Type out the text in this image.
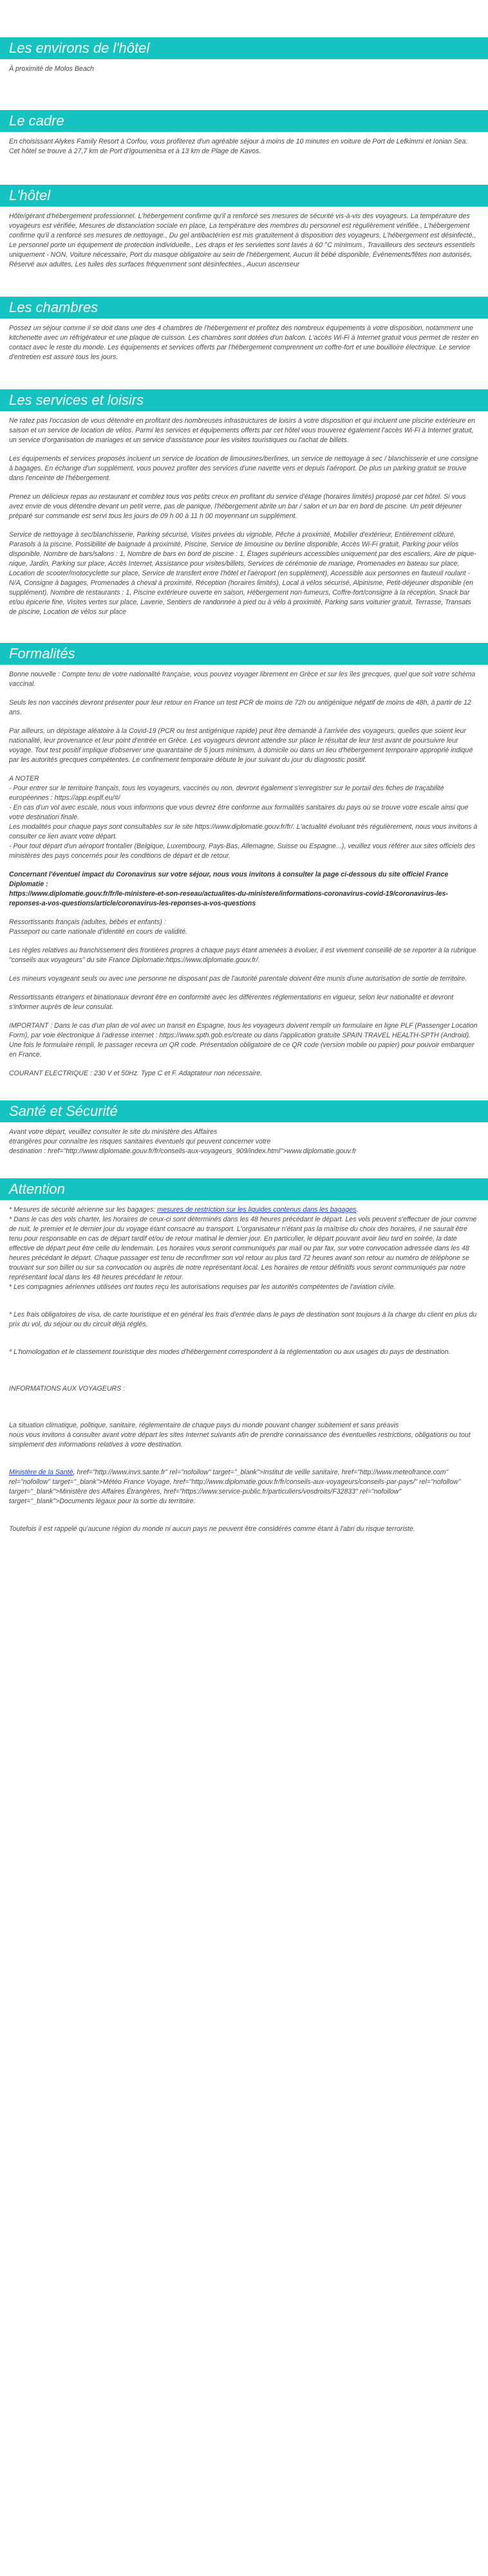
Les environs de l'hôtel

À proximité de Molos Beach

Le cadre

En choisissant Alykes Family Resort à Corfou, vous profiterez d'un agréable séjour à moins de 10 minutes en voiture de Port de Lefkimmi et Ionian Sea. Cet hôtel se trouve à 27,7 km de Port d'Igoumenitsa et à 13 km de Plage de Kavos.

L'hôtel

Hôte/gérant d'hébergement professionnel. L'hébergement confirme qu'il a renforcé ses mesures de sécurité vis-à-vis des voyageurs. La température des voyageurs est vérifiée, Mesures de distanciation sociale en place, La température des membres du personnel est régulièrement vérifiée., L'hébergement confirme qu'il a renforcé ses mesures de nettoyage., Du gel antibactérien est mis gratuitement à disposition des voyageurs, L'hébergement est désinfecté., Le personnel porte un équipement de protection individuelle., Les draps et les serviettes sont lavés à 60 °C minimum., Travailleurs des secteurs essentiels uniquement - NON, Voiture nécessaire, Port du masque obligatoire au sein de l'hébergement, Aucun lit bébé disponible, Événements/fêtes non autorisés, Réservé aux adultes, Les tuiles des surfaces fréquemment sont désinfectées., Aucun ascenseur

Les chambres

Possez un séjour comme il se doit dans une des 4 chambres de l'hébergement et profitez des nombreux équipements à votre disposition, notamment une kitchenette avec un réfrigérateur et une plaque de cuisson. Les chambres sont dotées d'un balcon. L'accès Wi-Fi à Internet gratuit vous permet de rester en contact avec le reste du monde. Les équipements et services offerts par l'hébergement comprennent un coffre-fort et une bouilloire électrique. Le service d'entretien est assuré tous les jours.

Les services et loisirs

Ne ratez pas l'occasion de vous détendre en profitant des nombreuses infrastructures de loisirs à votre disposition et qui incluent une piscine extérieure en saison et un service de location de vélos. Parmi les services et équipements offerts par cet hôtel vous trouverez également l'accès Wi-Fi à Internet gratuit, un service d'organisation de mariages et un service d'assistance pour les visites touristiques ou l'achat de billets.

Les équipements et services proposés incluent un service de location de limousines/berlines, un service de nettoyage à sec / blanchisserie et une consigne à bagages. En échange d'un supplément, vous pouvez profiter des services d'une navette vers et depuis l'aéroport. De plus un parking gratuit se trouve dans l'enceinte de l'hébergement.

Prenez un délicieux repas au restaurant et comblez tous vos petits creux en profitant du service d'étage (horaires limités) proposé par cet hôtel. Si vous avez envie de vous détendre devant un petit verre, pas de panique, l'hébergement abrite un bar / salon et un bar en bord de piscine. Un petit déjeuner préparé sur commande est servi tous les jours de 09 h 00 à 11 h 00 moyennant un supplément.

Service de nettoyage à sec/blanchisserie, Parking sécurisé, Visites privées du vignoble, Pêche à proximité, Mobilier d'extérieur, Entièrement clôturé, Parasols à la piscine, Possibilité de baignade à proximité, Piscine, Service de limousine ou berline disponible, Accès Wi-Fi gratuit, Parking pour vélos disponible, Nombre de bars/salons : 1, Nombre de bars en bord de piscine : 1, Étages supérieurs accessibles uniquement par des escaliers, Aire de pique-nique, Jardin, Parking sur place, Accès Internet, Assistance pour visites/billets, Services de cérémonie de mariage, Promenades en bateau sur place, Location de scooter/motocyclette sur place, Service de transfert entre l'hôtel et l'aéroport (en supplément), Accessible aux personnes en fauteuil roulant - N/A, Consigne à bagages, Promenades à cheval à proximité, Réception (horaires limités), Local à vélos sécurisé, Alpinisme, Petit-déjeuner disponible (en supplément), Nombre de restaurants : 1, Piscine extérieure ouverte en saison, Hébergement non-fumeurs, Coffre-fort/consigne à la réception, Snack bar et/ou épicerie fine, Visites vertes sur place, Laverie, Sentiers de randonnée à pied ou à vélo à proximité, Parking sans voiturier gratuit, Terrasse, Transats de piscine, Location de vélos sur place

Formalités

Bonne nouvelle : Compte tenu de votre nationalité française, vous pouvez voyager librement en Grèce et sur les îles grecques, quel que soit votre schéma vaccinal.

Seuls les non vaccinés devront présenter pour leur retour en France un test PCR de moins de 72h ou antigénique négatif de moins de 48h, à partir de 12 ans.

Par ailleurs, un dépistage aléatoire à la Covid-19 (PCR ou test antigénique rapide) peut être demandé à l'arrivée des voyageurs, quelles que soient leur nationalité, leur provenance et leur point d'entrée en Grèce. Les voyageurs devront attendre sur place le résultat de leur test avant de poursuivre leur voyage. Tout test positif implique d'observer une quarantaine de 5 jours minimum, à domicile ou dans un lieu d'hébergement temporaire approprié indiqué par les autorités grecques compétentes. Le confinement temporaire débute le jour suivant du jour du diagnostic positif.

A NOTER
- Pour entrer sur le territoire français, tous les voyageurs, vaccinés ou non, devront également s'enregistrer sur le portail des fiches de traçabilité européennes : https://app.euplf.eu/#/
- En cas d'un vol avec escale, nous vous informons que vous devrez être conforme aux formalités sanitaires du pays où se trouve votre escale ainsi que votre destination finale.
Les modalités pour chaque pays sont consultables sur le site https://www.diplomatie.gouv.fr/fr/. L'actualité évoluant très régulièrement, nous vous invitons à consulter ce lien avant votre départ.
- Pour tout départ d'un aéroport frontalier (Belgique, Luxembourg, Pays-Bas, Allemagne, Suisse ou Espagne...), veuillez vous référer aux sites officiels des ministères des pays concernés pour les conditions de départ et de retour.

Concernant l'éventuel impact du Coronavirus sur votre séjour, nous vous invitons à consulter la page ci-dessous du site officiel France Diplomatie :
https://www.diplomatie.gouv.fr/fr/le-ministere-et-son-reseau/actualites-du-ministere/informations-coronavirus-covid-19/coronavirus-les-reponses-a-vos-questions/article/coronavirus-les-reponses-a-vos-questions

Ressortissants français (adultes, bébés et enfants) :
Passeport ou carte nationale d'identité en cours de validité.

Les règles relatives au franchissement des frontières propres à chaque pays étant amenées à évoluer, il est vivement conseillé de se reporter à la rubrique "conseils aux voyageurs" du site France Diplomatie:https://www.diplomatie.gouv.fr/.

Les mineurs voyageant seuls ou avec une personne ne disposant pas de l'autorité parentale doivent être munis d'une autorisation de sortie de territoire.

Ressortissants étrangers et binationaux devront être en conformité avec les différentes réglementations en vigueur, selon leur nationalité et devront s'informer auprès de leur consulat.

IMPORTANT : Dans le cas d'un plan de vol avec un transit en Espagne, tous les voyageurs doivent remplir un formulaire en ligne PLF (Passenger Location Form), par voie électronique à l'adresse internet : https://www.spth.gob.es/create ou dans l'application gratuite SPAIN TRAVEL HEALTH-SPTH (Android). Une fois le formulaire rempli, le passager recevra un QR code. Présentation obligatoire de ce QR code (version mobile ou papier) pour pouvoir embarquer en France.

COURANT ELECTRIQUE : 230 V et 50Hz. Type C et F. Adaptateur non nécessaire.

Santé et Sécurité

Avant votre départ, veuillez consulter le site du ministère des Affaires
étrangères pour connaître les risques sanitaires éventuels qui peuvent concerner votre
destination : href="http://www.diplomatie.gouv.fr/fr/conseils-aux-voyageurs_909/index.html">www.diplomatie.gouv.fr

Attention

* Mesures de sécurité aérienne sur les bagages: mesures de restriction sur les liquides contenus dans les bagages.
* Dans le cas des vols charter, les horaires de ceux-ci sont déterminés dans les 48 heures précédant le départ. Les vols peuvent s'effectuer de jour comme de nuit, le premier et le dernier jour du voyage étant consacré au transport. L'organisateur n'étant pas la maîtrise du choix des horaires, il ne saurait être tenu pour responsable en cas de départ tardif et/ou de retour matinal le dernier jour. En particulier, le départ pouvant avoir lieu tard en soirée, la date effective de départ peut être celle du lendemain. Les horaires vous seront communiqués par mail ou par fax, sur votre convocation adressée dans les 48 heures précédant le départ. Chaque passager est tenu de reconfirmer son vol retour au plus tard 72 heures avant son retour au numéro de téléphone se trouvant sur son billet ou sur sa convocation ou auprès de notre représentant local. Les horaires de retour définitifs vous seront communiqués par notre représentant local dans les 48 heures précédant le retour.
* Les compagnies aériennes utilisées ont toutes reçu les autorisations requises par les autorités compétentes de l'aviation civile.

* Les frais obligatoires de visa, de carte touristique et en général les frais d'entrée dans le pays de destination sont toujours à la charge du client en plus du prix du vol, du séjour ou du circuit déjà réglés.

* L'homologation et le classement touristique des modes d'hébergement correspondent à la réglementation ou aux usages du pays de destination.

INFORMATIONS AUX VOYAGEURS :

La situation climatique, politique, sanitaire, réglementaire de chaque pays du monde pouvant changer subitement et sans préavis
nous vous invitons à consulter avant votre départ les sites Internet suivants afin de prendre connaissance des éventuelles restrictions, obligations ou tout simplement des informations relatives à votre destination.

Ministère de la Santé, href="http://www.invs.sante.fr" rel="nofollow" target="_blank">Institut de veille sanitaire, href="http://www.meteofrance.com" rel="nofollow" target="_blank">Météo France Voyage, href="http://www.diplomatie.gouv.fr/fr/conseils-aux-voyageurs/conseils-par-pays/" rel="nofollow" target="_blank">Ministère des Affaires Étrangères, href="https://www.service-public.fr/particuliers/vosdroits/F32833" rel="nofollow" target="_blank">Documents légaux pour la sortie du territoire.

Toutefois il est rappelé qu'aucune région du monde ni aucun pays ne peuvent être considérés comme étant à l'abri du risque terroriste.
